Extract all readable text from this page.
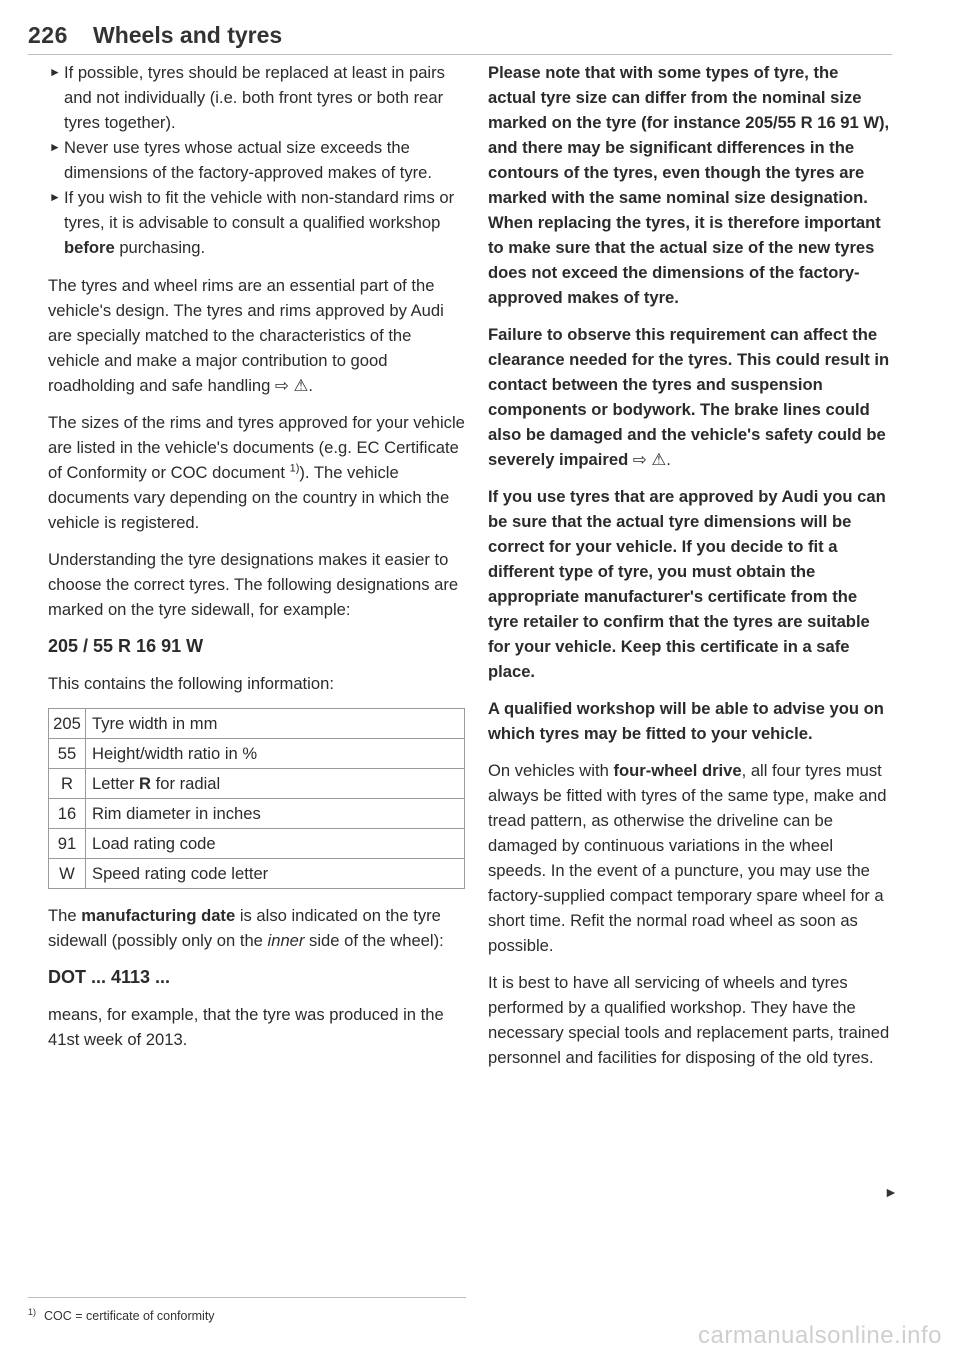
226 Wheels and tyres
► If possible, tyres should be replaced at least in pairs and not individually (i.e. both front tyres or both rear tyres together).
► Never use tyres whose actual size exceeds the dimensions of the factory-approved makes of tyre.
► If you wish to fit the vehicle with non-standard rims or tyres, it is advisable to consult a qualified workshop before purchasing.

The tyres and wheel rims are an essential part of the vehicle's design. The tyres and rims approved by Audi are specially matched to the characteristics of the vehicle and make a major contribution to good roadholding and safe handling ⇨ ⚠.

The sizes of the rims and tyres approved for your vehicle are listed in the vehicle's documents (e.g. EC Certificate of Conformity or COC document $^{1)}$). The vehicle documents vary depending on the country in which the vehicle is registered.

Understanding the tyre designations makes it easier to choose the correct tyres. The following designations are marked on the tyre sidewall, for example:

205 / 55 R 16 91 W

This contains the following information:

205	Tyre width in mm
55	Height/width ratio in %
R	Letter R for radial
16	Rim diameter in inches
91	Load rating code
W	Speed rating code letter

The manufacturing date is also indicated on the tyre sidewall (possibly only on the inner side of the wheel):

DOT ... 4113 ...

means, for example, that the tyre was produced in the 41st week of 2013.

Please note that with some types of tyre, the actual tyre size can differ from the nominal size marked on the tyre (for instance 205/55 R 16 91 W), and there may be significant differences in the contours of the tyres, even though the tyres are marked with the same nominal size designation. When replacing the tyres, it is therefore important to make sure that the actual size of the new tyres does not exceed the dimensions of the factory-approved makes of tyre.

Failure to observe this requirement can affect the clearance needed for the tyres. This could result in contact between the tyres and suspension components or bodywork. The brake lines could also be damaged and the vehicle's safety could be severely impaired ⇨ ⚠.

If you use tyres that are approved by Audi you can be sure that the actual tyre dimensions will be correct for your vehicle. If you decide to fit a different type of tyre, you must obtain the appropriate manufacturer's certificate from the tyre retailer to confirm that the tyres are suitable for your vehicle. Keep this certificate in a safe place.

A qualified workshop will be able to advise you on which tyres may be fitted to your vehicle.

On vehicles with four-wheel drive, all four tyres must always be fitted with tyres of the same type, make and tread pattern, as otherwise the driveline can be damaged by continuous variations in the wheel speeds. In the event of a puncture, you may use the factory-supplied compact temporary spare wheel for a short time. Refit the normal road wheel as soon as possible.

It is best to have all servicing of wheels and tyres performed by a qualified workshop. They have the necessary special tools and replacement parts, trained personnel and facilities for disposing of the old tyres.

►
$^{1)}$ COC = certificate of conformity
carmanualsonline.info
